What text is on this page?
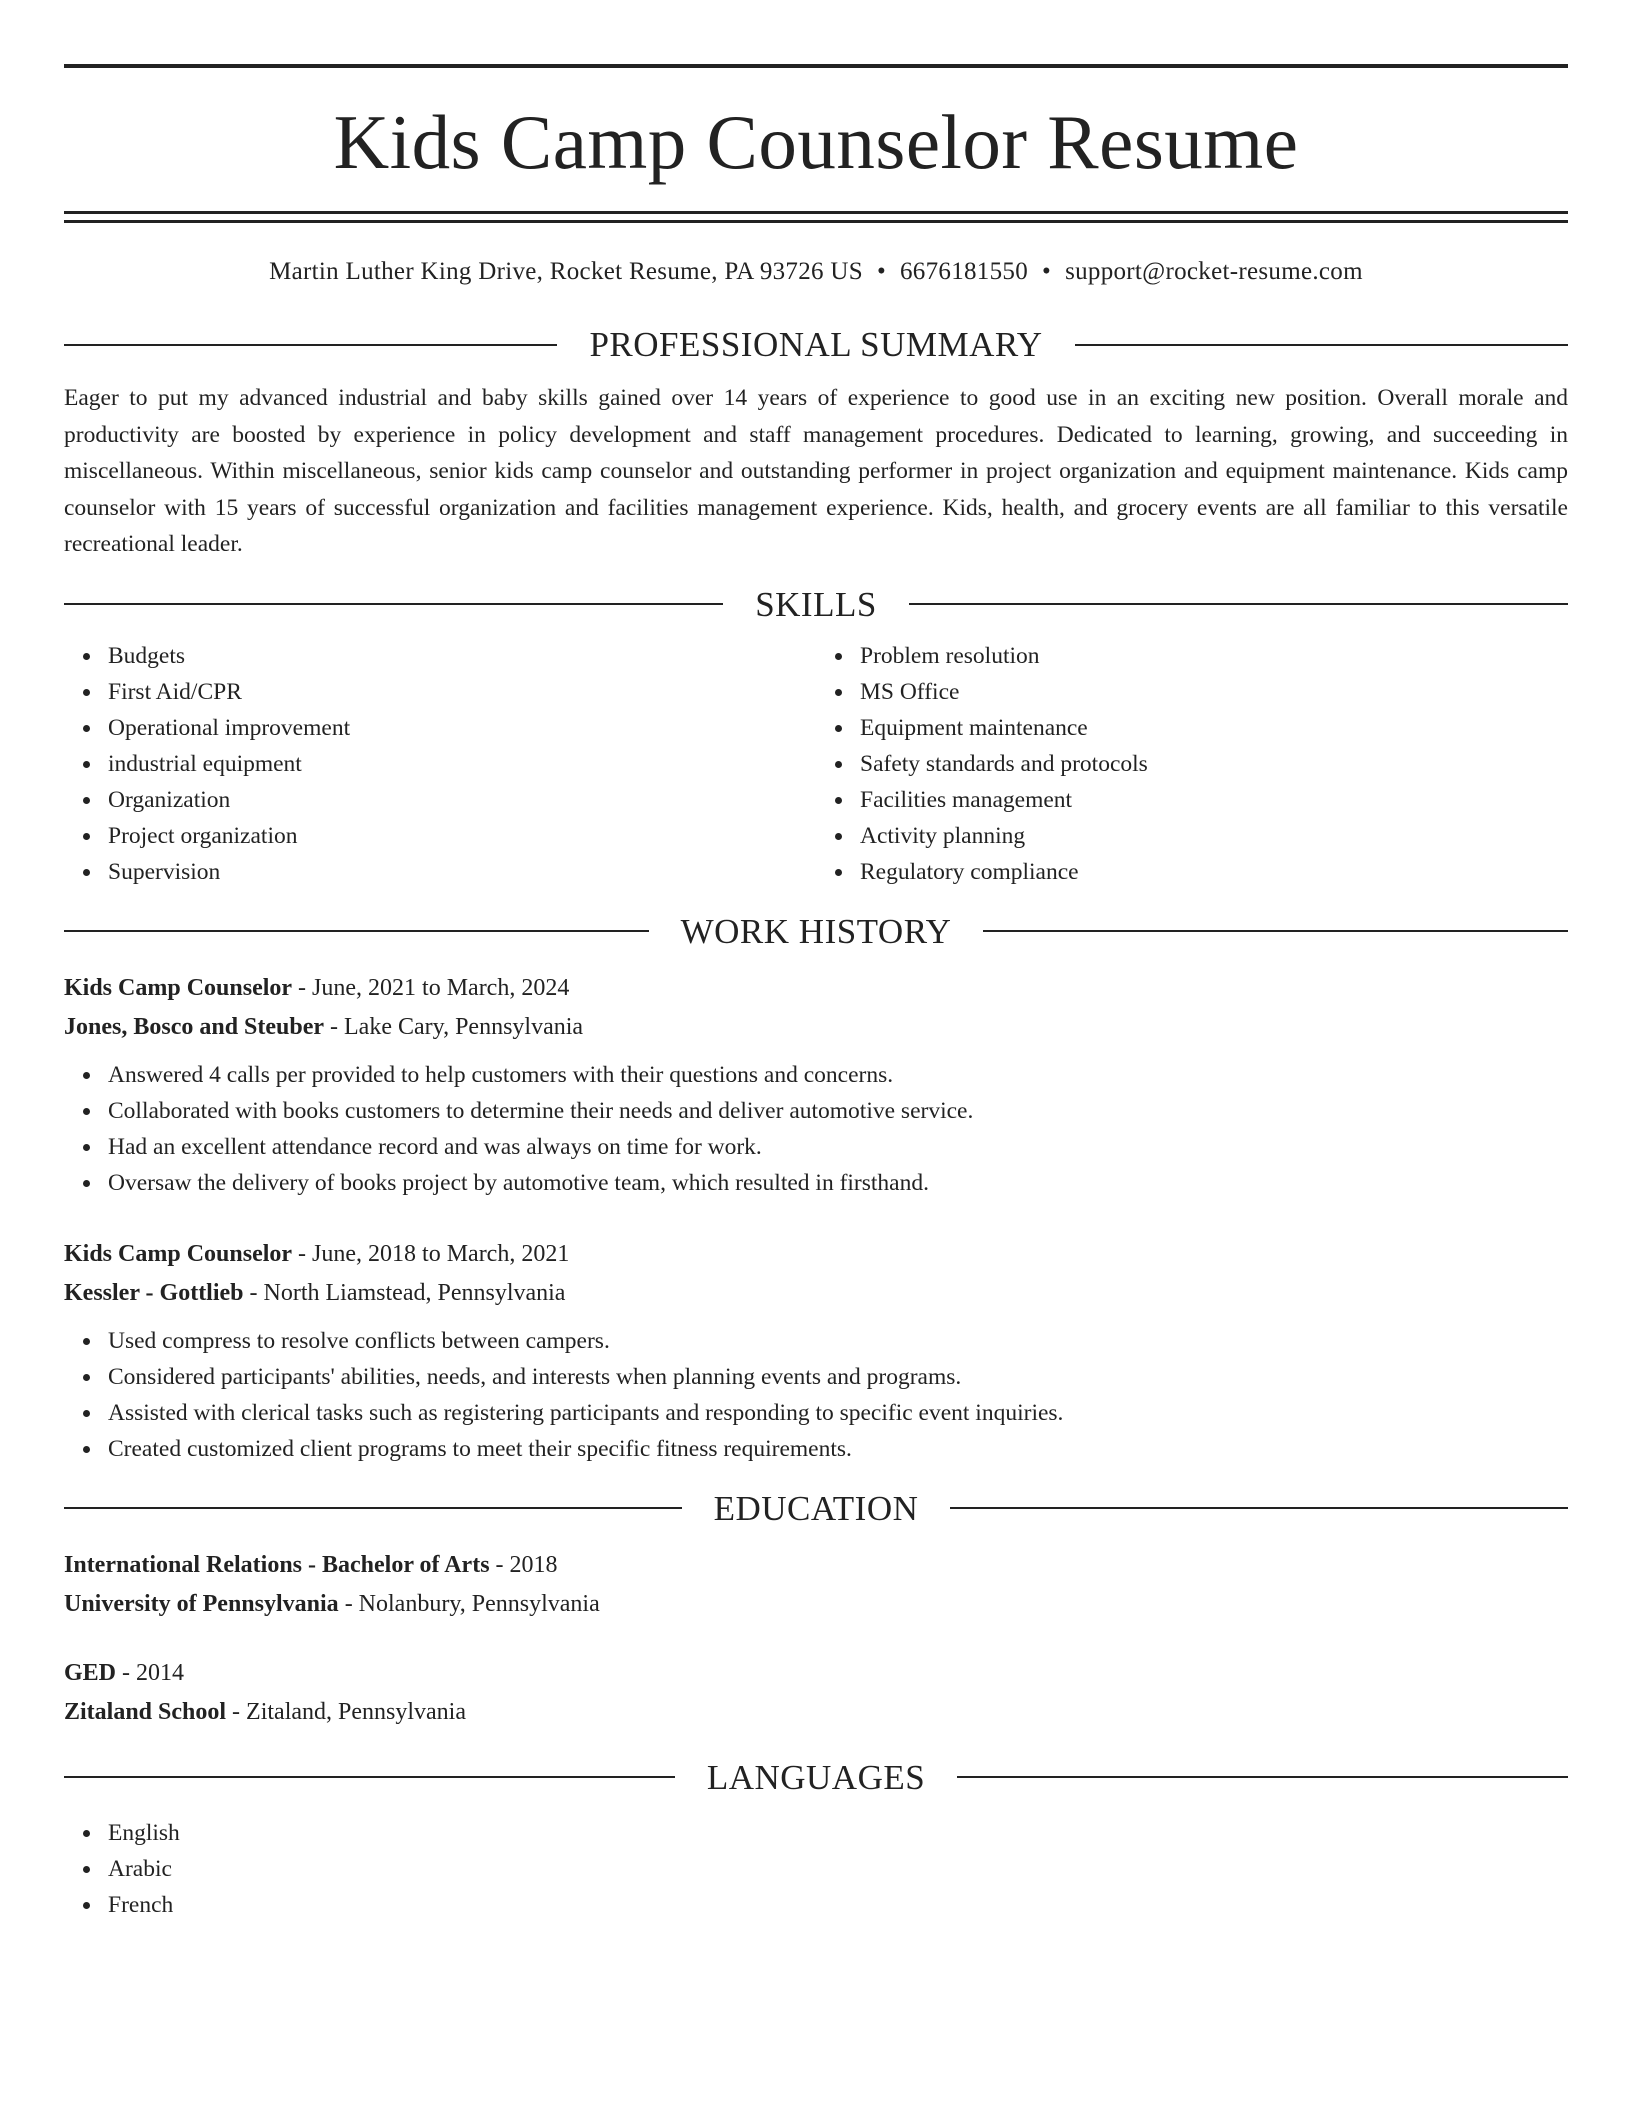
Kids Camp Counselor Resume
Martin Luther King Drive, Rocket Resume, PA 93726 US • 6676181550 • support@rocket-resume.com
PROFESSIONAL SUMMARY

Eager to put my advanced industrial and baby skills gained over 14 years of experience to good use in an exciting new position. Overall morale and productivity are boosted by experience in policy development and staff management procedures. Dedicated to learning, growing, and succeeding in miscellaneous. Within miscellaneous, senior kids camp counselor and outstanding performer in project organization and equipment maintenance. Kids camp counselor with 15 years of successful organization and facilities management experience. Kids, health, and grocery events are all familiar to this versatile recreational leader.

SKILLS
Budgets
First Aid/CPR
Operational improvement
industrial equipment
Organization
Project organization
Supervision
Problem resolution
MS Office
Equipment maintenance
Safety standards and protocols
Facilities management
Activity planning
Regulatory compliance
WORK HISTORY
Kids Camp Counselor - June, 2021 to March, 2024
Jones, Bosco and Steuber - Lake Cary, Pennsylvania
Answered 4 calls per provided to help customers with their questions and concerns.
Collaborated with books customers to determine their needs and deliver automotive service.
Had an excellent attendance record and was always on time for work.
Oversaw the delivery of books project by automotive team, which resulted in firsthand.
Kids Camp Counselor - June, 2018 to March, 2021
Kessler - Gottlieb - North Liamstead, Pennsylvania
Used compress to resolve conflicts between campers.
Considered participants' abilities, needs, and interests when planning events and programs.
Assisted with clerical tasks such as registering participants and responding to specific event inquiries.
Created customized client programs to meet their specific fitness requirements.
EDUCATION
International Relations - Bachelor of Arts - 2018
University of Pennsylvania - Nolanbury, Pennsylvania
GED - 2014
Zitaland School - Zitaland, Pennsylvania
LANGUAGES
English
Arabic
French
